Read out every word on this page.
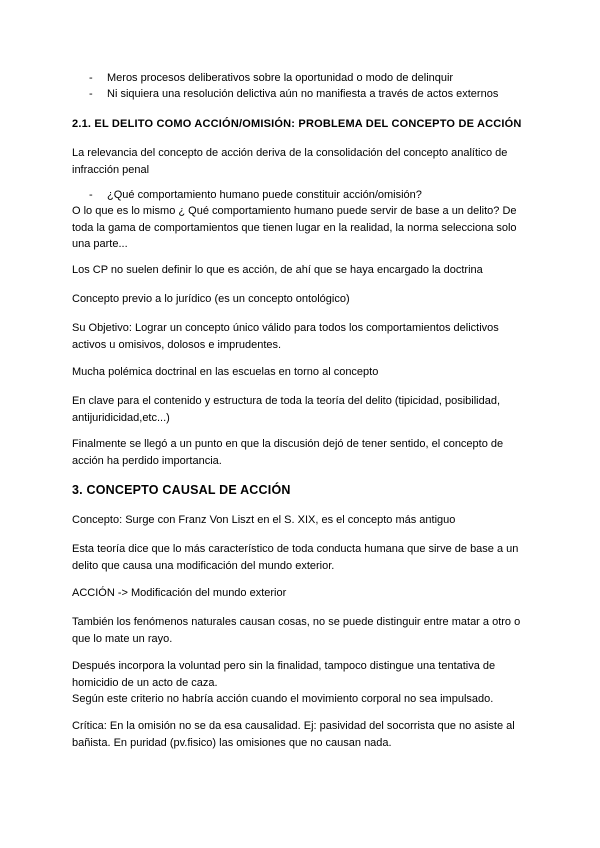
- Meros procesos deliberativos sobre la oportunidad o modo de delinquir
- Ni siquiera una resolución delictiva aún no manifiesta a través de actos externos
2.1. EL DELITO COMO ACCIÓN/OMISIÓN: PROBLEMA DEL CONCEPTO DE ACCIÓN
La relevancia del concepto de acción deriva de la consolidación del concepto analítico de
infracción penal
- ¿Qué comportamiento humano puede constituir acción/omisión?
O lo que es lo mismo ¿ Qué comportamiento humano puede servir de base a un delito? De
toda la gama de comportamientos que tienen lugar en la realidad, la norma selecciona solo
una parte...
Los CP no suelen definir lo que es acción, de ahí que se haya encargado la doctrina
Concepto previo a lo jurídico (es un concepto ontológico)
Su Objetivo: Lograr un concepto único válido para todos los comportamientos delictivos
activos u omisivos, dolosos e imprudentes.
Mucha polémica doctrinal en las escuelas en torno al concepto
En clave para el contenido y estructura de toda la teoría del delito (tipicidad, posibilidad,
antijuridicidad,etc...)
Finalmente se llegó a un punto en que la discusión dejó de tener sentido, el concepto de
acción ha perdido importancia.
3. CONCEPTO CAUSAL DE ACCIÓN
Concepto: Surge con Franz Von Liszt en el S. XIX, es el concepto más antiguo
Esta teoría dice que lo más característico de toda conducta humana que sirve de base a un
delito que causa una modificación del mundo exterior.
ACCIÓN -> Modificación del mundo exterior
También los fenómenos naturales causan cosas, no se puede distinguir entre matar a otro o
que lo mate un rayo.
Después incorpora la voluntad pero sin la finalidad, tampoco distingue una tentativa de
homicidio de un acto de caza.
Según este criterio no habría acción cuando el movimiento corporal no sea impulsado.
Crítica: En la omisión no se da esa causalidad. Ej: pasividad del socorrista que no asiste al
bañista. En puridad (pv.fisico) las omisiones que no causan nada.
